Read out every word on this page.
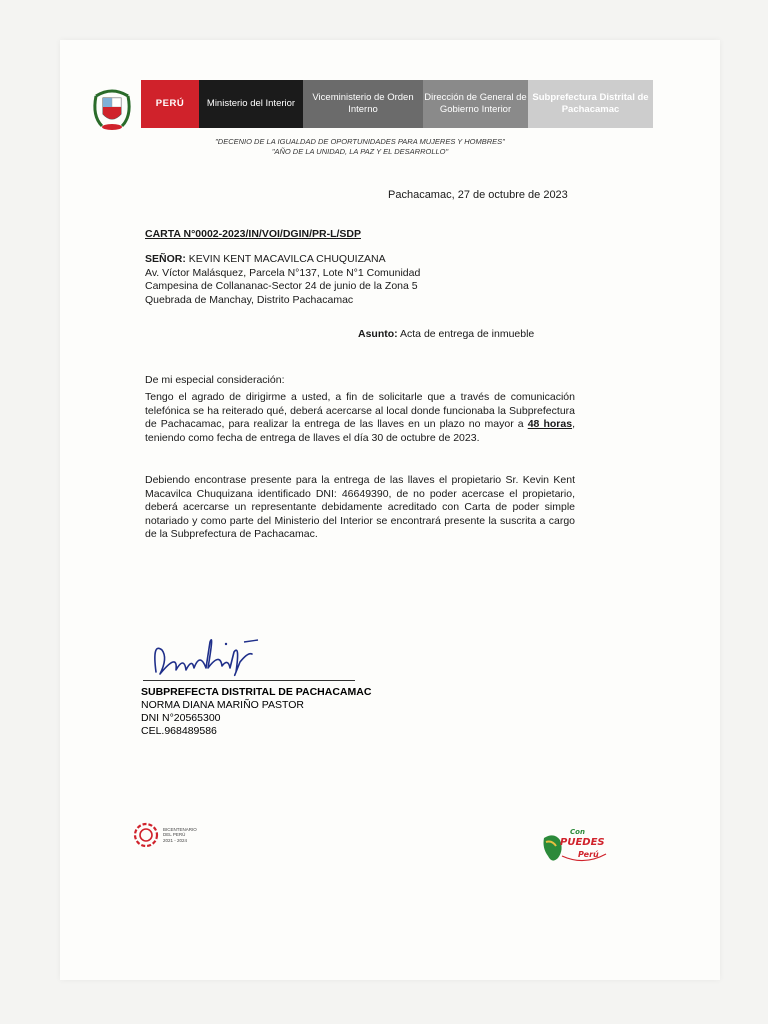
PERÚ	Ministerio del Interior
Viceministerio de Orden Interno
Dirección de General de Gobierno Interior
Subprefectura Distrital de Pachacamac
"DECENIO DE LA IGUALDAD DE OPORTUNIDADES PARA MUJERES Y HOMBRES"
"AÑO DE LA UNIDAD, LA PAZ Y EL DESARROLLO"
Pachacamac, 27 de octubre de 2023
CARTA N°0002-2023/IN/VOI/DGIN/PR-L/SDP
SEÑOR: KEVIN KENT MACAVILCA CHUQUIZANA
Av. Víctor Malásquez, Parcela N°137, Lote N°1 Comunidad
Campesina de Collananac-Sector 24 de junio de la Zona 5
Quebrada de Manchay, Distrito Pachacamac
Asunto: Acta de entrega de inmueble
De mi especial consideración:
Tengo el agrado de dirigirme a usted, a fin de solicitarle que a través de comunicación telefónica se ha reiterado qué, deberá acercarse al local donde funcionaba la Subprefectura de Pachacamac, para realizar la entrega de las llaves en un plazo no mayor a 48 horas, teniendo como fecha de entrega de llaves el día 30 de octubre de 2023.
Debiendo encontrase presente para la entrega de las llaves el propietario Sr. Kevin Kent Macavilca Chuquizana identificado DNI: 46649390, de no poder acercase el propietario, deberá acercarse un representante debidamente acreditado con Carta de poder simple notariado y como parte del Ministerio del Interior se encontrará presente la suscrita a cargo de la Subprefectura de Pachacamac.
SUBPREFECTA DISTRITAL DE PACHACAMAC
NORMA DIANA MARIÑO PASTOR
DNI N°20565300
CEL.968489586
BICENTENARIO
DEL PERÚ
2021 - 2024
Con
PUEDES
Perú
